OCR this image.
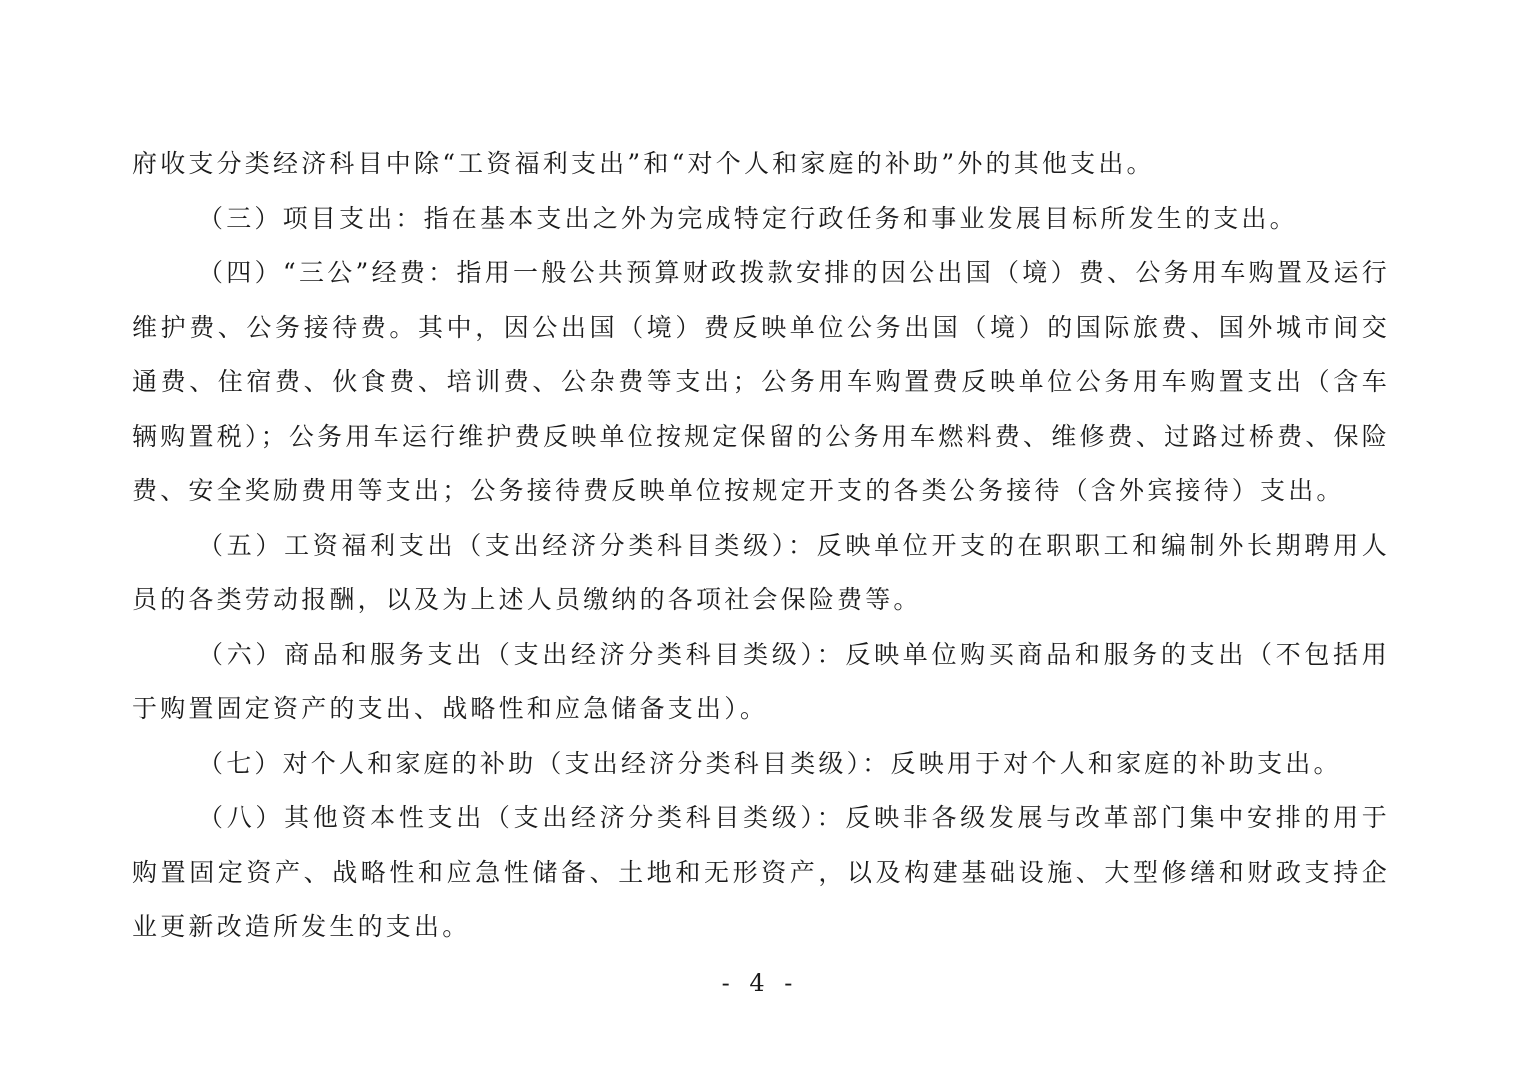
府收支分类经济科目中除“工资福利支出”和“对个人和家庭的补助”外的其他支出。

（三）项目支出：指在基本支出之外为完成特定行政任务和事业发展目标所发生的支出。

（四）“三公”经费：指用一般公共预算财政拨款安排的因公出国（境）费、公务用车购置及运行维护费、公务接待费。其中，因公出国（境）费反映单位公务出国（境）的国际旅费、国外城市间交通费、住宿费、伙食费、培训费、公杂费等支出；公务用车购置费反映单位公务用车购置支出（含车辆购置税）；公务用车运行维护费反映单位按规定保留的公务用车燃料费、维修费、过路过桥费、保险费、安全奖励费用等支出；公务接待费反映单位按规定开支的各类公务接待（含外宾接待）支出。

（五）工资福利支出（支出经济分类科目类级）：反映单位开支的在职职工和编制外长期聘用人员的各类劳动报酬，以及为上述人员缴纳的各项社会保险费等。

（六）商品和服务支出（支出经济分类科目类级）：反映单位购买商品和服务的支出（不包括用于购置固定资产的支出、战略性和应急储备支出）。

（七）对个人和家庭的补助（支出经济分类科目类级）：反映用于对个人和家庭的补助支出。

（八）其他资本性支出（支出经济分类科目类级）：反映非各级发展与改革部门集中安排的用于购置固定资产、战略性和应急性储备、土地和无形资产，以及构建基础设施、大型修缮和财政支持企业更新改造所发生的支出。

- 4 -
